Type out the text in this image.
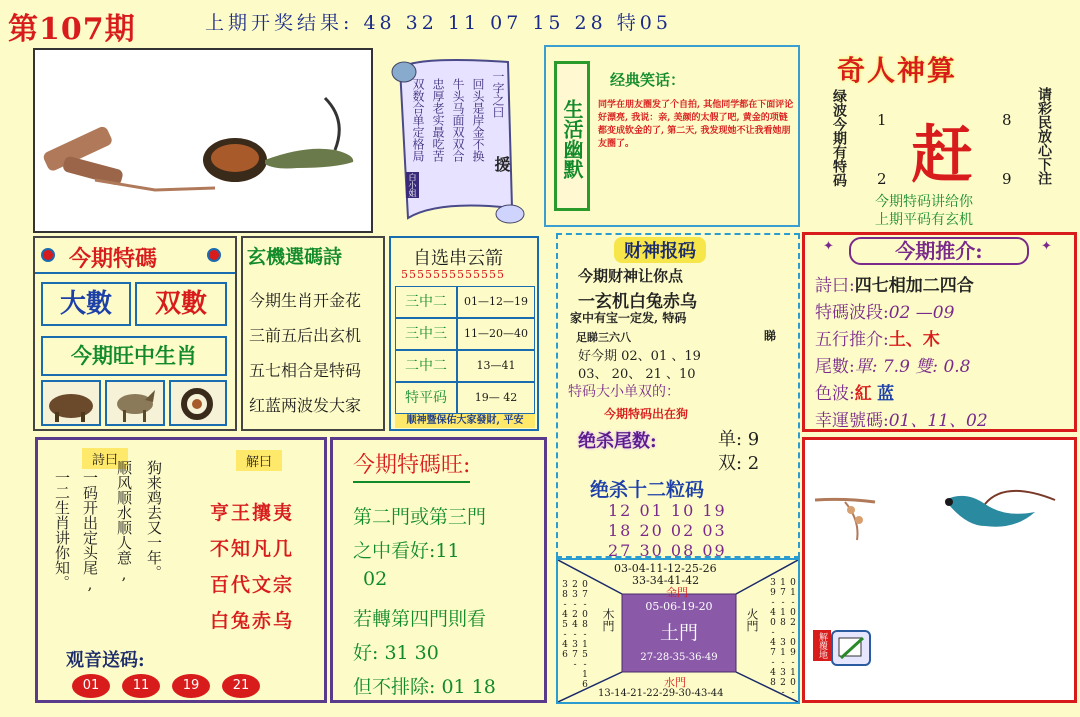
第107期	上期开奖结果: 48 32 11 07 15 28 特05
一字之曰
援
回头是岸金不换
牛头马面双双合
忠厚老实最吃苦
双数合单定格局
白小姐
生活幽默
经典笑话：
同学在朋友圈发了个自拍, 其他同学都在下面评论好漂亮, 我说：亲, 美颜的太假了吧, 黄金的项链都变成钦金的了, 第二天, 我发现她不让我看她朋友圈了。
奇人神算
绿波今期有特码	请彩民放心下注
1
2
8
9
赶
今期特码讲给你
上期平码有玄机
今期特碼
大數	双數
今期旺中生肖
玄機選碼詩
今期生肖开金花
三前五后出玄机
五七相合是特码
红蓝两波发大家
自选串云箭
5555555555555
三中二	01—12—19
三中三	11—20—40
二中二	13—41
特平码	19— 42
顺神暨保佑大家發財, 平安
财神报码
今期财神让你点
一玄机白兔赤乌
家中有宝一定发, 特码
足睇三六八	睇
好今期 02、01 、19
03、 20、 21 、10
特码大小单双的：
今期特码出在狗
绝杀尾数:	单: 9
双: 2
绝杀十二粒码
12 01 10 19
18 20 02 03
27 30 08 09
✦	今期推介:	✦
詩曰:四七相加二四合
特碼波段:02 —09
五行推介:土、木
尾數:單: 7.9 雙: 0.8
色波:紅 蓝
幸運號碼:01、11、02
詩曰
一二生肖讲你知。 一码开出定头尾, 顺风顺水顺人意, 狗来鸡去又一年。	解曰
亨王攘夷
不知凡几
百代文宗
白兔赤乌
观音送码:
01	11	19	21
今期特碼旺:
第二門或第三門
之中看好:11
02
若轉第四門則看
好: 31 30
但不排除: 01 18
03-04-11-12-25-26
33-34-41-42
金門
05-06-19-20
土門
27-28-35-36-49
木門	火門
07-08-15-16 23-24-37-38-45-46	01-02-09-10-17-18 31-32-39-40-47-48
水門
13-14-21-22-29-30-43-44
解覆地
